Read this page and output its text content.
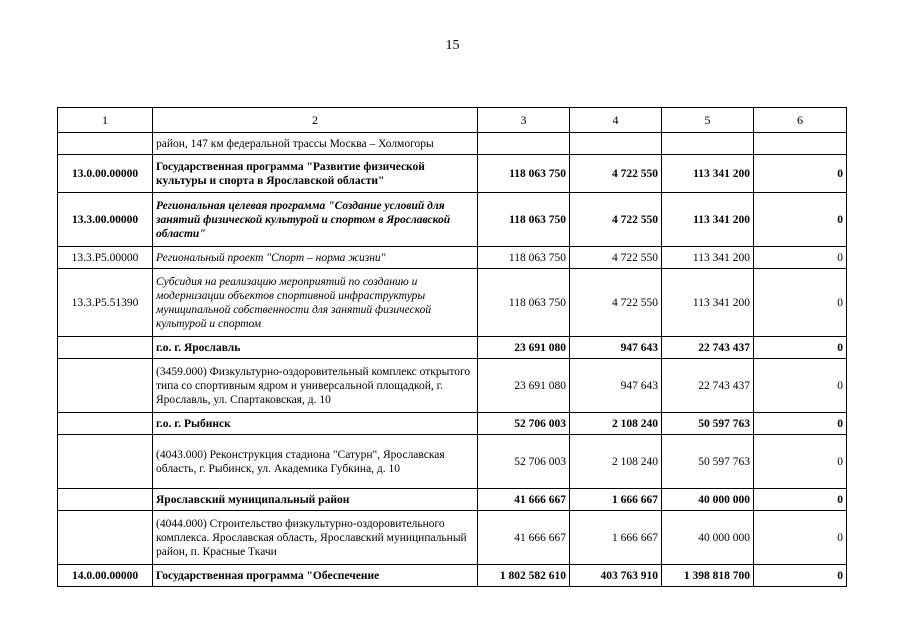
15
1	2	3	4	5	6
	район, 147 км федеральной трассы Москва – Холмогоры				
13.0.00.00000	Государственная программа "Развитие физической культуры и спорта в Ярославской области"	118 063 750	4 722 550	113 341 200	0
13.3.00.00000	Региональная целевая программа "Создание условий для занятий физической культурой и спортом в Ярославской области"	118 063 750	4 722 550	113 341 200	0
13.3.P5.00000	Региональный проект "Спорт – норма жизни"	118 063 750	4 722 550	113 341 200	0
13.3.P5.51390	Субсидия на реализацию мероприятий по созданию и модернизации объектов спортивной инфраструктуры муниципальной собственности для занятий физической культурой и спортом	118 063 750	4 722 550	113 341 200	0
	г.о. г. Ярославль	23 691 080	947 643	22 743 437	0
	(3459.000) Физкультурно-оздоровительный комплекс открытого типа со спортивным ядром и универсальной площадкой, г. Ярославль, ул. Спартаковская, д. 10	23 691 080	947 643	22 743 437	0
	г.о. г. Рыбинск	52 706 003	2 108 240	50 597 763	0
	(4043.000) Реконструкция стадиона "Сатурн", Ярославская область, г. Рыбинск, ул. Академика Губкина, д. 10	52 706 003	2 108 240	50 597 763	0
	Ярославский муниципальный район	41 666 667	1 666 667	40 000 000	0
	(4044.000) Строительство физкультурно-оздоровительного комплекса. Ярославская область, Ярославский муниципальный район, п. Красные Ткачи	41 666 667	1 666 667	40 000 000	0
14.0.00.00000	Государственная программа "Обеспечение	1 802 582 610	403 763 910	1 398 818 700	0
